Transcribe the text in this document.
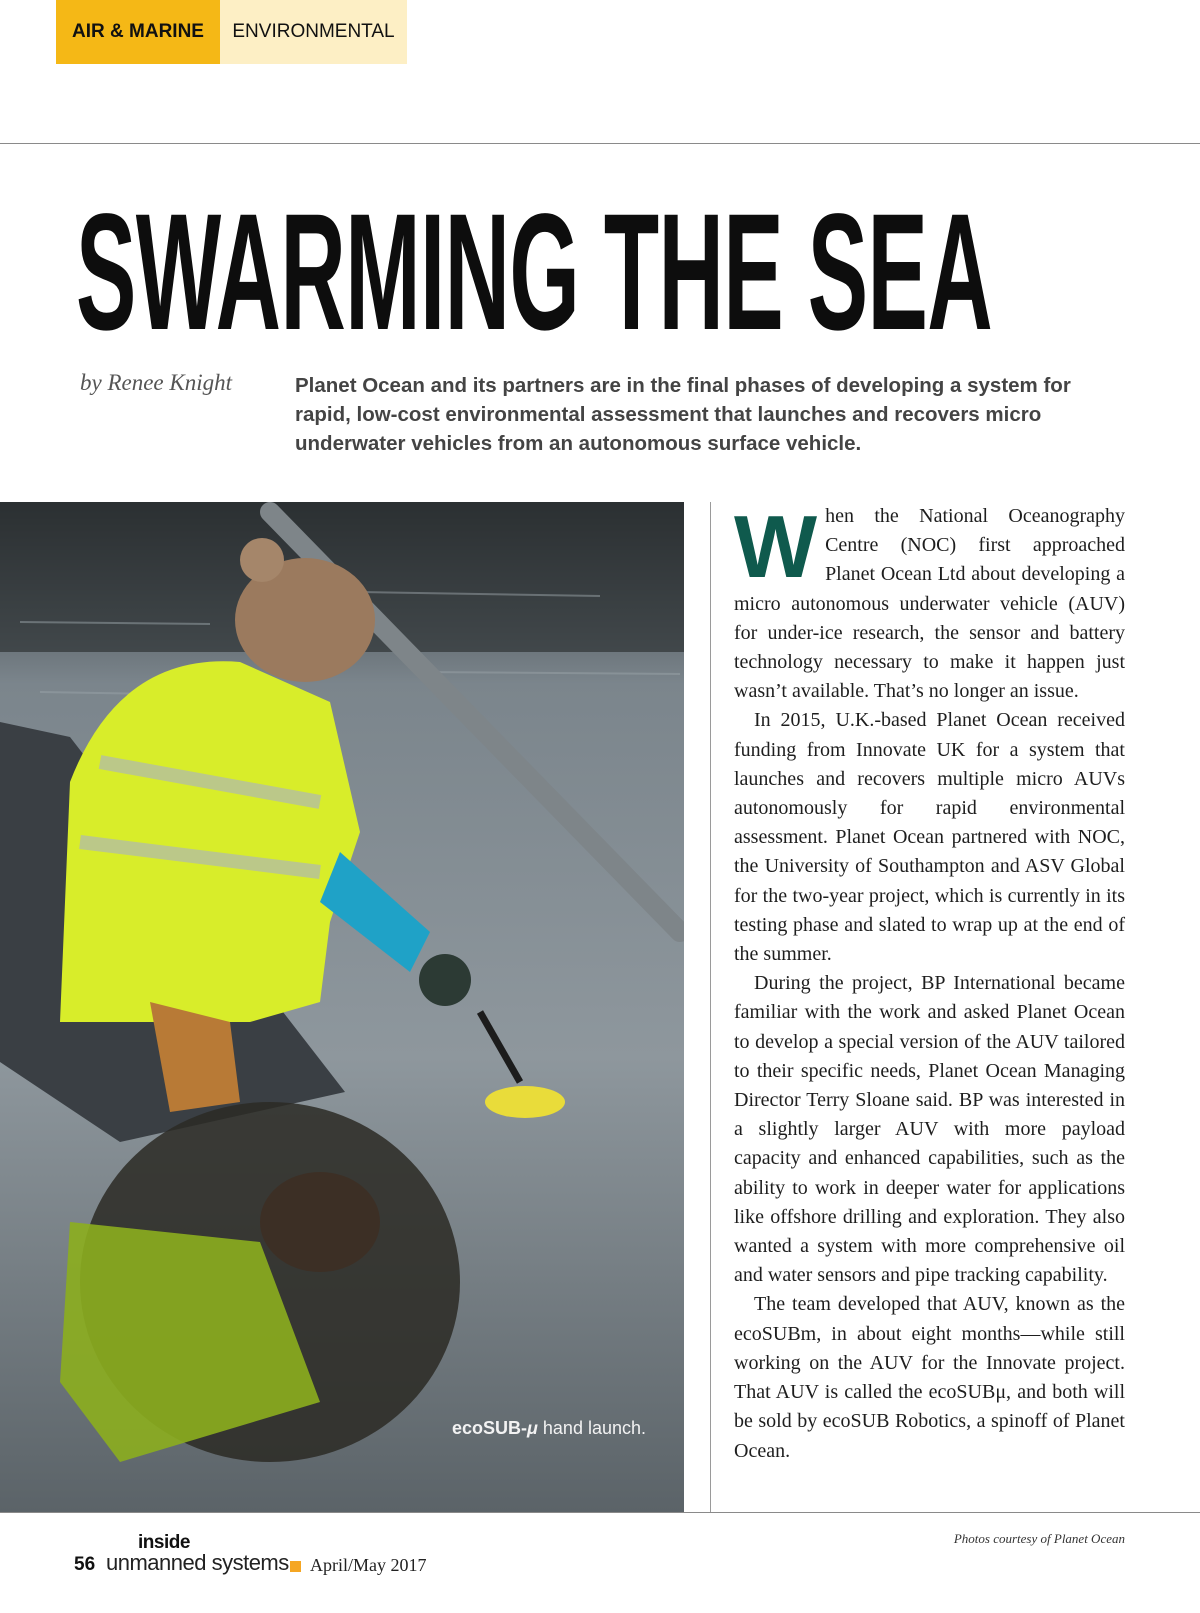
AIR & MARINE	ENVIRONMENTAL
SWARMING THE SEA
by Renee Knight	Planet Ocean and its partners are in the final phases of developing a system for rapid, low-cost environmental assessment that launches and recovers micro underwater vehicles from an autonomous surface vehicle.

ecoSUB-μ hand launch.

When the National Oceanography Centre (NOC) first approached Planet Ocean Ltd about developing a micro autonomous underwater vehicle (AUV) for under-ice research, the sensor and battery technology necessary to make it happen just wasn’t available. That’s no longer an issue.

In 2015, U.K.-based Planet Ocean received funding from Innovate UK for a system that launches and recovers multiple micro AUVs autonomously for rapid environmental assessment. Planet Ocean partnered with NOC, the University of Southampton and ASV Global for the two-year project, which is currently in its testing phase and slated to wrap up at the end of the summer.

During the project, BP International became familiar with the work and asked Planet Ocean to develop a special version of the AUV tailored to their specific needs, Planet Ocean Managing Director Terry Sloane said. BP was interested in a slightly larger AUV with more payload capacity and enhanced capabilities, such as the ability to work in deeper water for applications like offshore drilling and exploration. They also wanted a system with more comprehensive oil and water sensors and pipe tracking capability.

The team developed that AUV, known as the ecoSUBm, in about eight months—while still working on the AUV for the Innovate project. That AUV is called the ecoSUBμ, and both will be sold by ecoSUB Robotics, a spinoff of Planet Ocean.

Photos courtesy of Planet Ocean
56
inside
unmanned systems April/May 2017
